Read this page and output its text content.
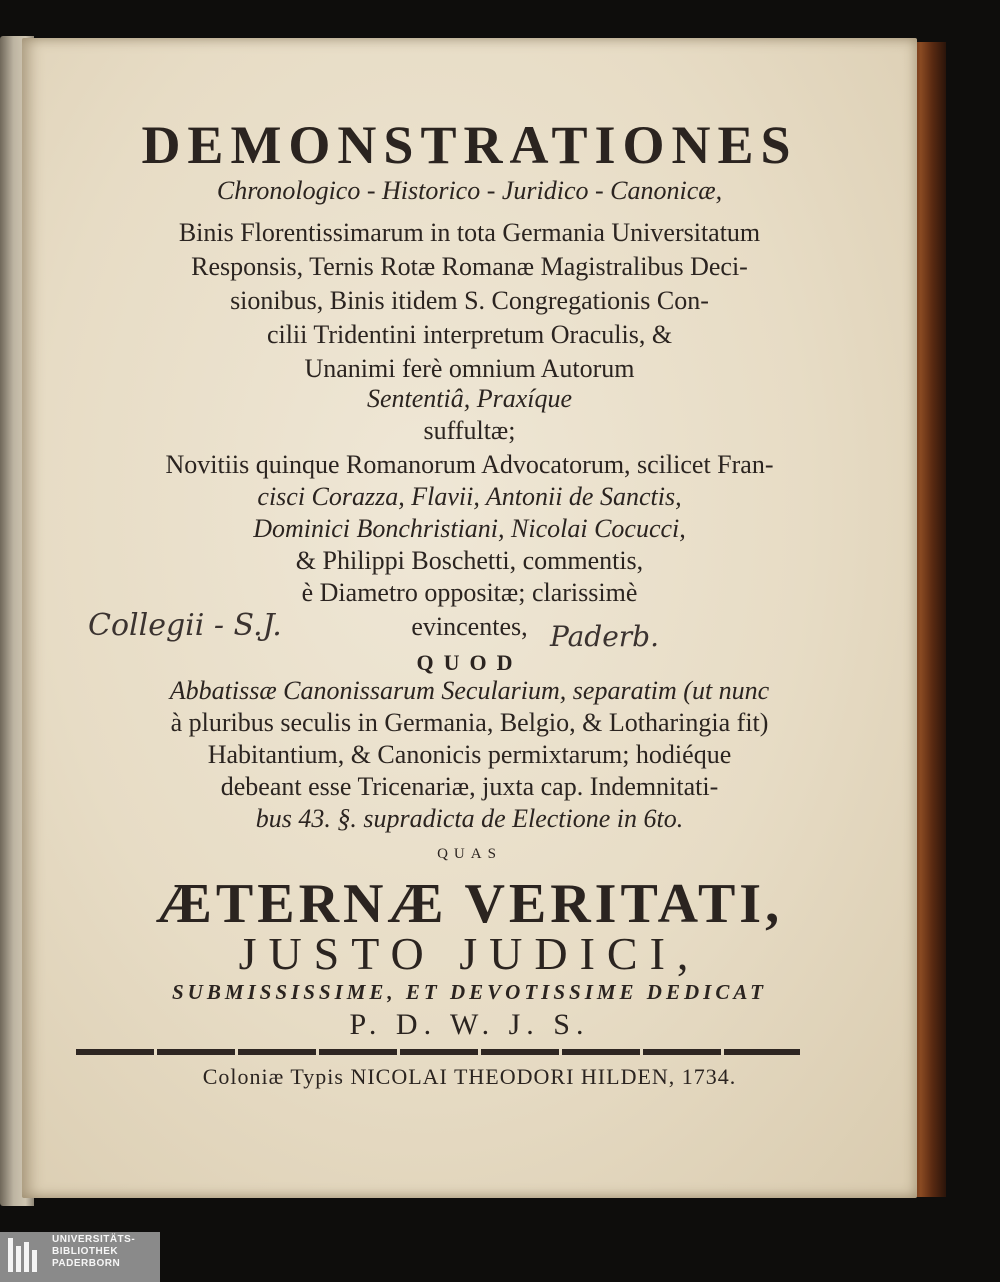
DEMONSTRATIONES
Chronologico - Historico - Juridico - Canonicæ,
Binis Florentissimarum in tota Germania Universitatum
Responsis, Ternis Rotæ Romanæ Magistralibus Deci-
sionibus, Binis itidem S. Congregationis Con-
cilii Tridentini interpretum Oraculis, &
Unanimi ferè omnium Autorum
Sententiâ, Praxíque
suffultæ;
Novitiis quinque Romanorum Advocatorum, scilicet Fran-
cisci Corazza, Flavii, Antonii de Sanctis,
Dominici Bonchristiani, Nicolai Cocucci,
& Philippi Boschetti, commentis,
è Diametro oppositæ; clarissimè
evincentes,
Collegii - S.J.	Paderb.
QUOD
Abbatissæ Canonissarum Secularium, separatim (ut nunc
à pluribus seculis in Germania, Belgio, & Lotharingia fit)
Habitantium, & Canonicis permixtarum; hodiéque
debeant esse Tricenariæ, juxta cap. Indemnitati-
bus 43. §. supradicta de Electione in 6to.
QUAS
ÆTERNÆ VERITATI,
JUSTO JUDICI,
SUBMISSISSIME, ET DEVOTISSIME DEDICAT
P. D. W. J. S.
Coloniæ Typis NICOLAI THEODORI HILDEN, 1734.
UNIVERSITÄTS-
BIBLIOTHEK
PADERBORN
